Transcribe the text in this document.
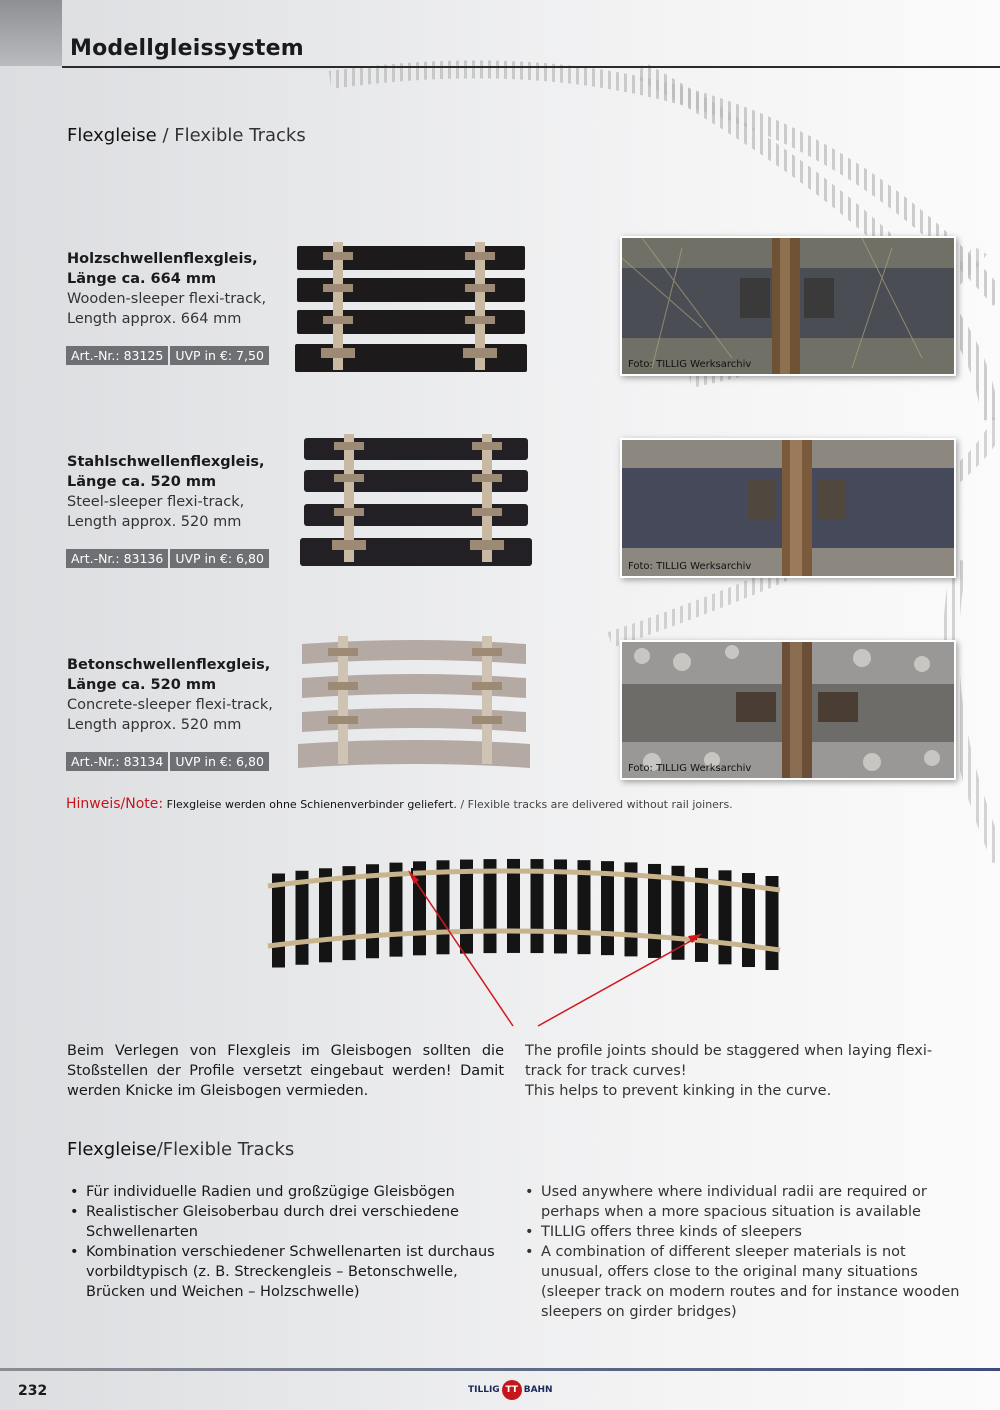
Modellgleissystem
Flexgleise / Flexible Tracks
Holzschwellenflexgleis,
Länge ca. 664 mm
Wooden-sleeper flexi-track,
Length approx. 664 mm
Art.-Nr.: 83125 UVP in €: 7,50
Foto: TILLIG Werksarchiv
Stahlschwellenflexgleis,
Länge ca. 520 mm
Steel-sleeper flexi-track,
Length approx. 520 mm
Art.-Nr.: 83136 UVP in €: 6,80
Foto: TILLIG Werksarchiv
Betonschwellenflexgleis,
Länge ca. 520 mm
Concrete-sleeper flexi-track,
Length approx. 520 mm
Art.-Nr.: 83134 UVP in €: 6,80	Foto: TILLIG Werksarchiv
Hinweis/Note: Flexgleise werden ohne Schienenverbinder geliefert. / Flexible tracks are delivered without rail joiners.
Beim Verlegen von Flexgleis im Gleisbogen sollten die Stoßstellen der Profile versetzt eingebaut werden! Damit werden Knicke im Gleisbogen vermieden.
The profile joints should be staggered when laying flexi-track for track curves!
This helps to prevent kinking in the curve.
Flexgleise/Flexible Tracks
• Für individuelle Radien und großzügige Gleisbögen
• Realistischer Gleisoberbau durch drei verschiedene Schwellenarten
• Kombination verschiedener Schwellenarten ist durchaus vorbildtypisch (z. B. Streckengleis – Betonschwelle, Brücken und Weichen – Holzschwelle)
• Used anywhere where individual radii are required or perhaps when a more spacious situation is available
• TILLIG offers three kinds of sleepers
• A combination of different sleeper materials is not unusual, offers close to the original many situations (sleeper track on modern routes and for instance wooden sleepers on girder bridges)
232	TILLIG TT BAHN
